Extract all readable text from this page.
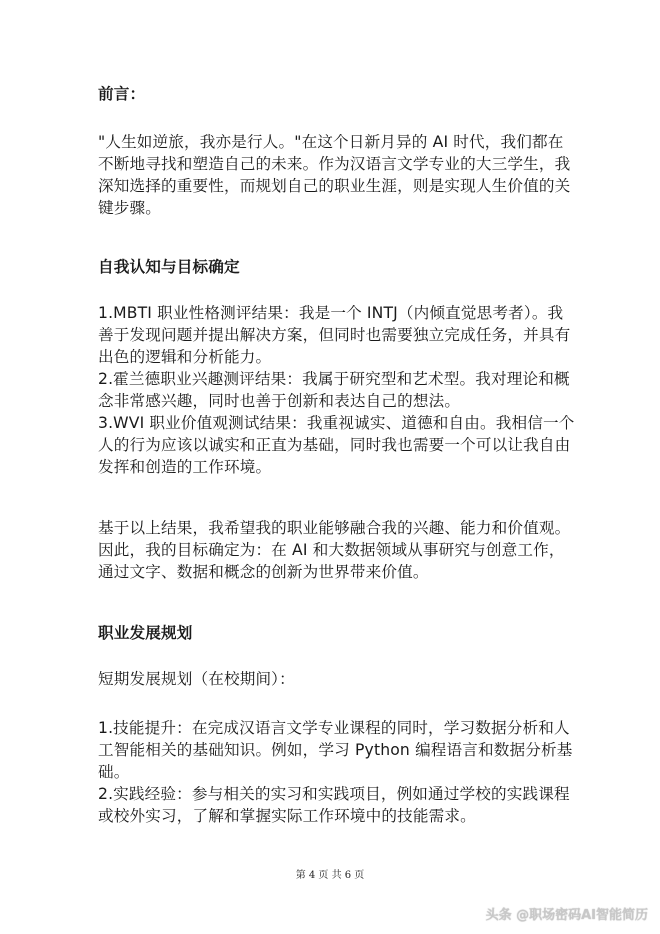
前言：
"人生如逆旅，我亦是行人。"在这个日新月异的 AI 时代，我们都在
不断地寻找和塑造自己的未来。作为汉语言文学专业的大三学生，我
深知选择的重要性，而规划自己的职业生涯，则是实现人生价值的关
键步骤。
自我认知与目标确定
1.MBTI 职业性格测评结果：我是一个 INTJ（内倾直觉思考者）。我
善于发现问题并提出解决方案，但同时也需要独立完成任务，并具有
出色的逻辑和分析能力。
2.霍兰德职业兴趣测评结果：我属于研究型和艺术型。我对理论和概
念非常感兴趣，同时也善于创新和表达自己的想法。
3.WVI 职业价值观测试结果：我重视诚实、道德和自由。我相信一个
人的行为应该以诚实和正直为基础，同时我也需要一个可以让我自由
发挥和创造的工作环境。
基于以上结果，我希望我的职业能够融合我的兴趣、能力和价值观。
因此，我的目标确定为：在 AI 和大数据领域从事研究与创意工作，
通过文字、数据和概念的创新为世界带来价值。
职业发展规划
短期发展规划（在校期间）：
1.技能提升：在完成汉语言文学专业课程的同时，学习数据分析和人
工智能相关的基础知识。例如，学习 Python 编程语言和数据分析基
础。
2.实践经验：参与相关的实习和实践项目，例如通过学校的实践课程
或校外实习，了解和掌握实际工作环境中的技能需求。
第 4 页 共 6 页
头条 @职场密码AI智能简历
